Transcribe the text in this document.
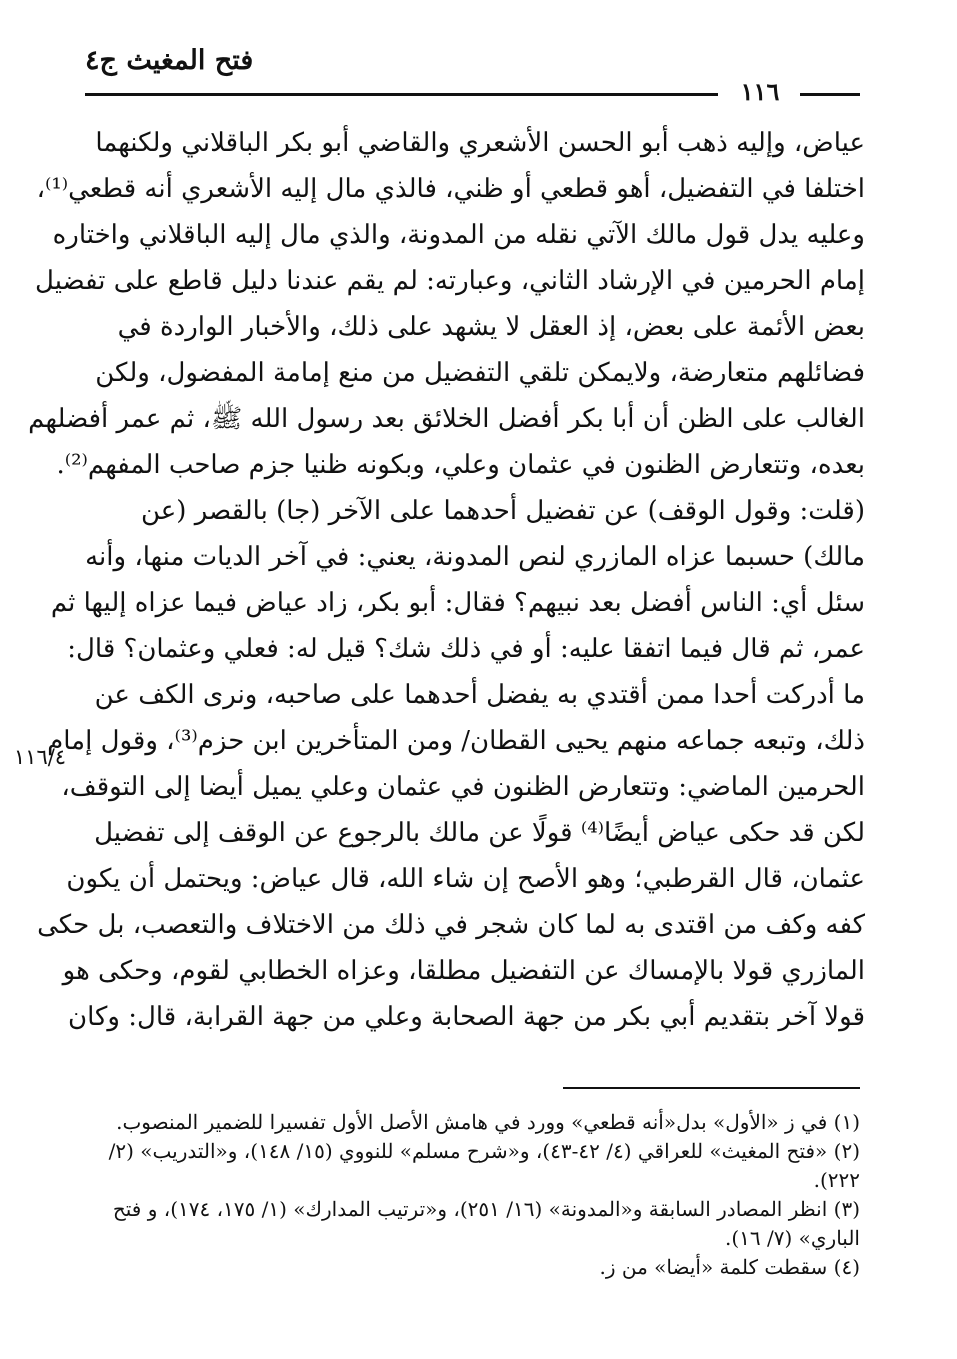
فتح المغيث ج٤
١١٦
عياض، وإليه ذهب أبو الحسن الأشعري والقاضي أبو بكر الباقلاني ولكنهما
اختلفا في التفضيل، أهو قطعي أو ظني، فالذي مال إليه الأشعري أنه قطعي⁽¹⁾،
وعليه يدل قول مالك الآتي نقله من المدونة، والذي مال إليه الباقلاني واختاره
إمام الحرمين في الإرشاد الثاني، وعبارته: لم يقم عندنا دليل قاطع على تفضيل
بعض الأئمة على بعض، إذ العقل لا يشهد على ذلك، والأخبار الواردة في
فضائلهم متعارضة، ولايمكن تلقي التفضيل من منع إمامة المفضول، ولكن
الغالب على الظن أن أبا بكر أفضل الخلائق بعد رسول الله ﷺ، ثم عمر أفضلهم
بعده، وتتعارض الظنون في عثمان وعلي، وبكونه ظنيا جزم صاحب المفهم⁽²⁾.
(قلت: وقول الوقف) عن تفضيل أحدهما على الآخر (جا) بالقصر (عن
مالك) حسبما عزاه المازري لنص المدونة، يعني: في آخر الديات منها، وأنه
سئل أي: الناس أفضل بعد نبيهم؟ فقال: أبو بكر، زاد عياض فيما عزاه إليها ثم
عمر، ثم قال فيما اتفقا عليه: أو في ذلك شك؟ قيل له: فعلي وعثمان؟ قال:
ما أدركت أحدا ممن أقتدي به يفضل أحدهما على صاحبه، ونرى الكف عن
ذلك، وتبعه جماعه منهم يحيى القطان/ ومن المتأخرين ابن حزم⁽³⁾، وقول إمام
الحرمين الماضي: وتتعارض الظنون في عثمان وعلي يميل أيضا إلى التوقف،
لكن قد حكى عياض أيضًا⁽⁴⁾ قولًا عن مالك بالرجوع عن الوقف إلى تفضيل
عثمان، قال القرطبي؛ وهو الأصح إن شاء الله، قال عياض: ويحتمل أن يكون
كفه وكف من اقتدى به لما كان شجر في ذلك من الاختلاف والتعصب، بل حكى
المازري قولا بالإمساك عن التفضيل مطلقا، وعزاه الخطابي لقوم، وحكى هو
قولا آخر بتقديم أبي بكر من جهة الصحابة وعلي من جهة القرابة، قال: وكان
١١٦/٤
(١) في ز «الأول» بدل«أنه قطعي» وورد في هامش الأصل الأول تفسيرا للضمير المنصوب.
(٢) «فتح المغيث» للعراقي (٤/ ٤٢-٤٣)، و«شرح مسلم» للنووي (١٥/ ١٤٨)، و«التدريب» (٢/
٢٢٢).
(٣) انظر المصادر السابقة و«المدونة» (١٦/ ٢٥١)، و«ترتيب المدارك» (١/ ١٧٥، ١٧٤)، و فتح
الباري» (٧/ ١٦).
(٤) سقطت كلمة «أيضا» من ز.
